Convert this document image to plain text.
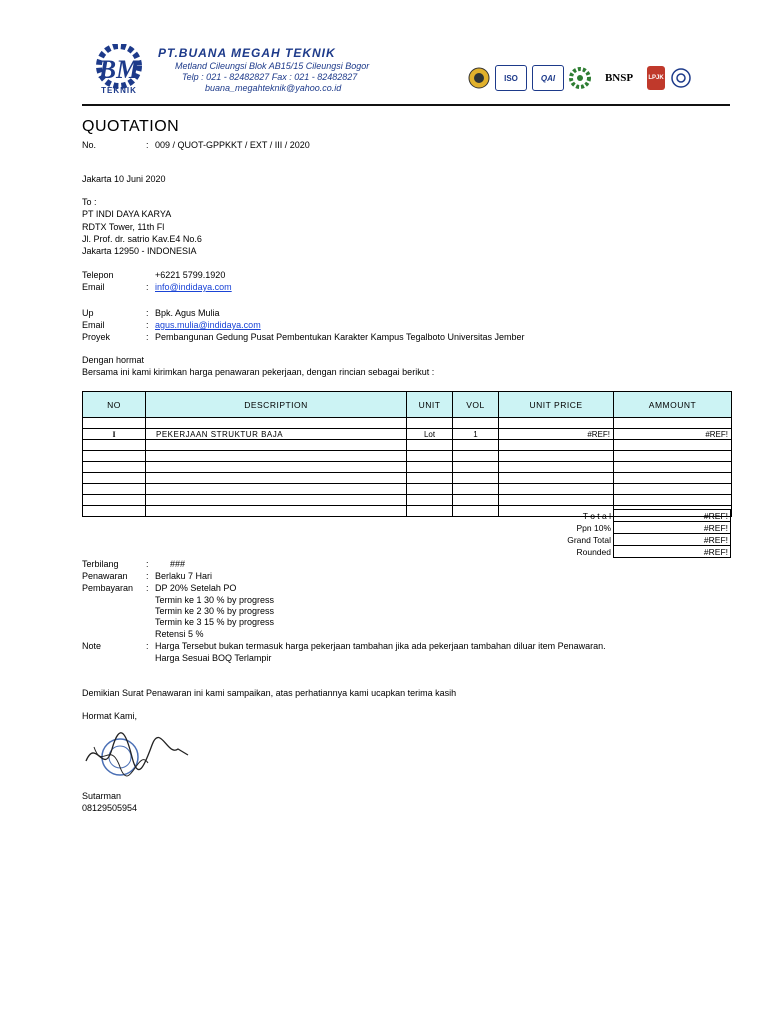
BM
TEKNIK
PT.BUANA MEGAH TEKNIK
Metland Cileungsi Blok AB15/15 Cileungsi Bogor
Telp : 021 - 82482827 Fax : 021 - 82482827
buana_megahteknik@yahoo.co.id
ISO	QAI	BNSP	LPJK
QUOTATION
No.	: 009 / QUOT-GPPKKT / EXT / III / 2020
Jakarta 10 Juni 2020
To :
PT INDI DAYA KARYA
RDTX Tower, 11th Fl
Jl. Prof. dr. satrio Kav.E4 No.6
Jakarta 12950 - INDONESIA
Telepon	+6221 5799.1920
Email	: info@indidaya.com
Up	: Bpk. Agus Mulia
Email	: agus.mulia@indidaya.com
Proyek	: Pembangunan Gedung Pusat Pembentukan Karakter Kampus Tegalboto Universitas Jember
Dengan hormat
Bersama ini kami kirimkan harga penawaran pekerjaan, dengan rincian sebagai berikut :
NO	DESCRIPTION	UNIT	VOL	UNIT PRICE	AMMOUNT

I	PEKERJAAN STRUKTUR BAJA	Lot	1	#REF!	#REF!

T o t a l	#REF!
Ppn 10%	#REF!
Grand Total	#REF!
Rounded	#REF!
Terbilang	: ###
Penawaran : Berlaku 7 Hari
Pembayaran : DP 20% Setelah PO
Termin ke 1 30 % by progress
Termin ke 2 30 % by progress
Termin ke 3 15 % by progress
Retensi 5 %
Note	: Harga Tersebut bukan termasuk harga pekerjaan tambahan jika ada pekerjaan tambahan diluar item Penawaran.
Harga Sesuai BOQ Terlampir
Demikian Surat Penawaran ini kami sampaikan, atas perhatiannya kami ucapkan terima kasih
Hormat Kami,
Sutarman
08129505954
